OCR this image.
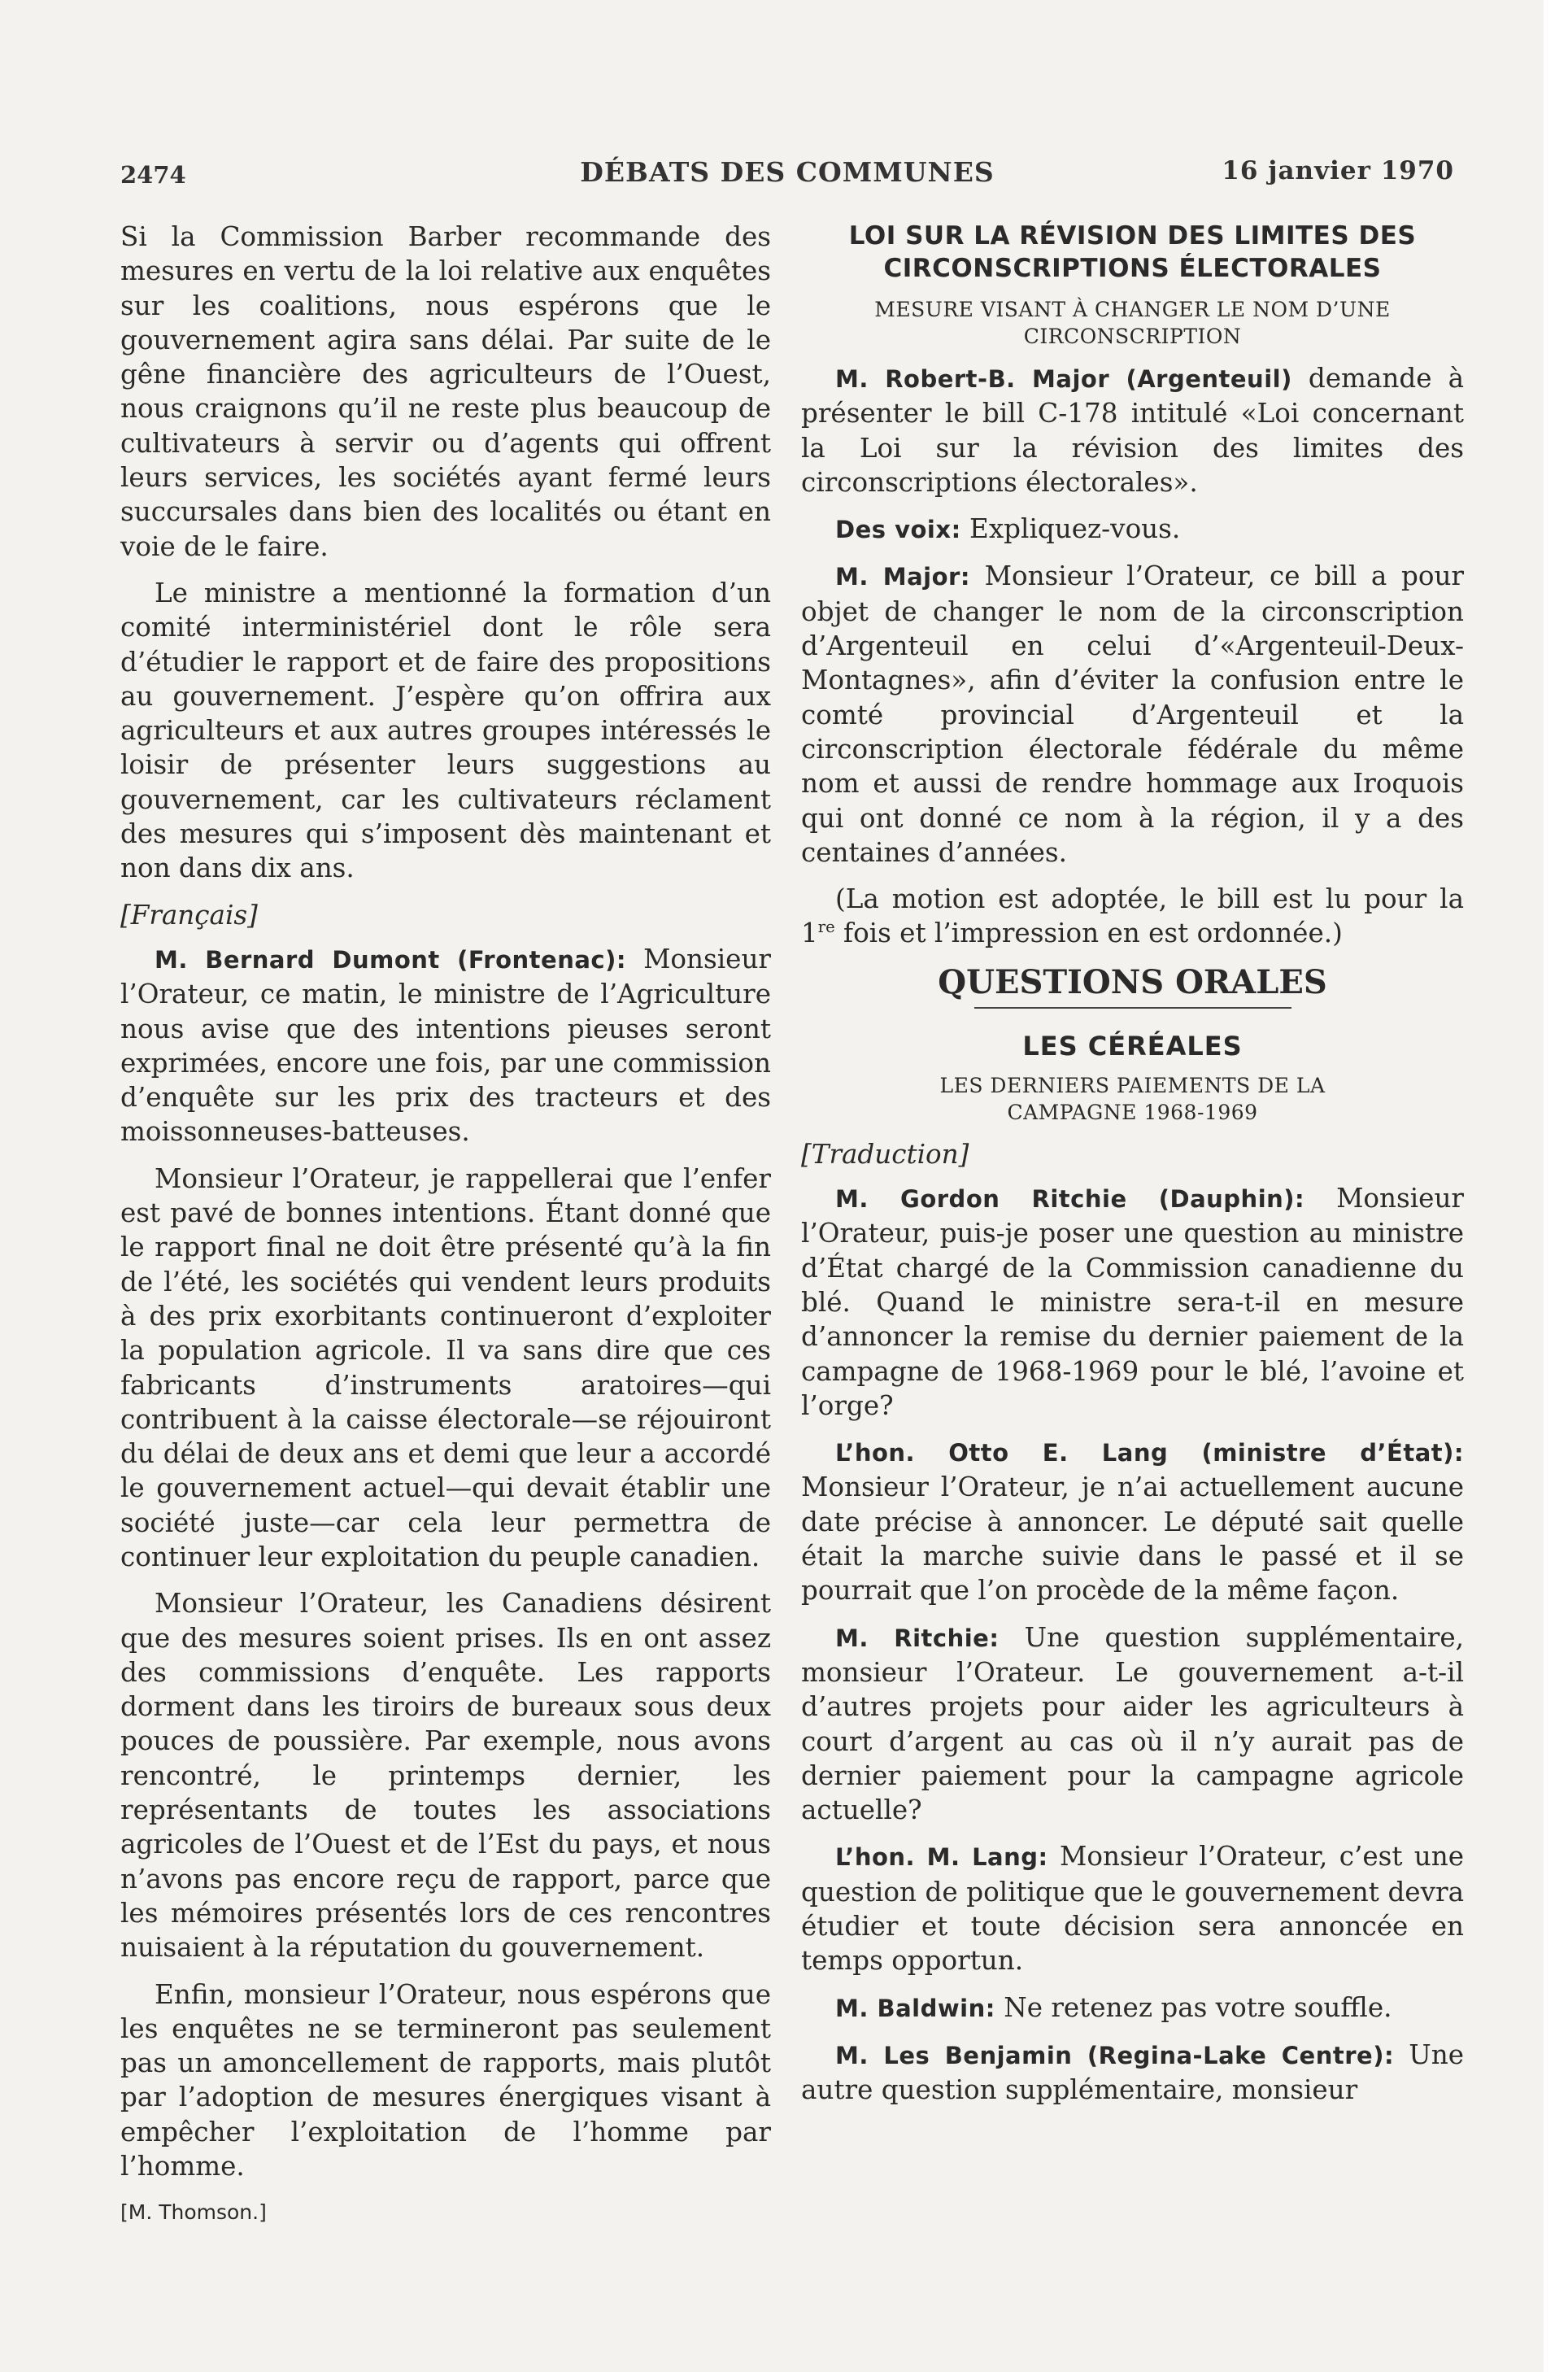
2474	DÉBATS DES COMMUNES	16 janvier 1970

Si la Commission Barber recommande des mesures en vertu de la loi relative aux enquêtes sur les coalitions, nous espérons que le gouvernement agira sans délai. Par suite de le gêne financière des agriculteurs de l’Ouest, nous craignons qu’il ne reste plus beaucoup de cultivateurs à servir ou d’agents qui offrent leurs services, les sociétés ayant fermé leurs succursales dans bien des localités ou étant en voie de le faire.

Le ministre a mentionné la formation d’un comité interministériel dont le rôle sera d’étudier le rapport et de faire des propositions au gouvernement. J’espère qu’on offrira aux agriculteurs et aux autres groupes intéressés le loisir de présenter leurs suggestions au gouvernement, car les cultivateurs réclament des mesures qui s’imposent dès maintenant et non dans dix ans.

[Français]

M. Bernard Dumont (Frontenac): Monsieur l’Orateur, ce matin, le ministre de l’Agriculture nous avise que des intentions pieuses seront exprimées, encore une fois, par une commission d’enquête sur les prix des tracteurs et des moissonneuses-batteuses.

Monsieur l’Orateur, je rappellerai que l’enfer est pavé de bonnes intentions. Étant donné que le rapport final ne doit être présenté qu’à la fin de l’été, les sociétés qui vendent leurs produits à des prix exorbitants continueront d’exploiter la population agricole. Il va sans dire que ces fabricants d’instruments aratoires—qui contribuent à la caisse électorale—se réjouiront du délai de deux ans et demi que leur a accordé le gouvernement actuel—qui devait établir une société juste—car cela leur permettra de continuer leur exploitation du peuple canadien.

Monsieur l’Orateur, les Canadiens désirent que des mesures soient prises. Ils en ont assez des commissions d’enquête. Les rapports dorment dans les tiroirs de bureaux sous deux pouces de poussière. Par exemple, nous avons rencontré, le printemps dernier, les représentants de toutes les associations agricoles de l’Ouest et de l’Est du pays, et nous n’avons pas encore reçu de rapport, parce que les mémoires présentés lors de ces rencontres nuisaient à la réputation du gouvernement.

Enfin, monsieur l’Orateur, nous espérons que les enquêtes ne se termineront pas seulement pas un amoncellement de rapports, mais plutôt par l’adoption de mesures énergiques visant à empêcher l’exploitation de l’homme par l’homme.

[M. Thomson.]

LOI SUR LA RÉVISION DES LIMITES DES CIRCONSCRIPTIONS ÉLECTORALES
MESURE VISANT À CHANGER LE NOM D’UNE CIRCONSCRIPTION

M. Robert-B. Major (Argenteuil) demande à présenter le bill C-178 intitulé «Loi concernant la Loi sur la révision des limites des circonscriptions électorales».

Des voix: Expliquez-vous.

M. Major: Monsieur l’Orateur, ce bill a pour objet de changer le nom de la circonscription d’Argenteuil en celui d’«Argenteuil-Deux-Montagnes», afin d’éviter la confusion entre le comté provincial d’Argenteuil et la circonscription électorale fédérale du même nom et aussi de rendre hommage aux Iroquois qui ont donné ce nom à la région, il y a des centaines d’années.

(La motion est adoptée, le bill est lu pour la 1re fois et l’impression en est ordonnée.)

QUESTIONS ORALES
LES CÉRÉALES
LES DERNIERS PAIEMENTS DE LA
CAMPAGNE 1968-1969

[Traduction]

M. Gordon Ritchie (Dauphin): Monsieur l’Orateur, puis-je poser une question au ministre d’État chargé de la Commission canadienne du blé. Quand le ministre sera-t-il en mesure d’annoncer la remise du dernier paiement de la campagne de 1968-1969 pour le blé, l’avoine et l’orge?

L’hon. Otto E. Lang (ministre d’État): Monsieur l’Orateur, je n’ai actuellement aucune date précise à annoncer. Le député sait quelle était la marche suivie dans le passé et il se pourrait que l’on procède de la même façon.

M. Ritchie: Une question supplémentaire, monsieur l’Orateur. Le gouvernement a-t-il d’autres projets pour aider les agriculteurs à court d’argent au cas où il n’y aurait pas de dernier paiement pour la campagne agricole actuelle?

L’hon. M. Lang: Monsieur l’Orateur, c’est une question de politique que le gouvernement devra étudier et toute décision sera annoncée en temps opportun.

M. Baldwin: Ne retenez pas votre souffle.

M. Les Benjamin (Regina-Lake Centre): Une autre question supplémentaire, monsieur
